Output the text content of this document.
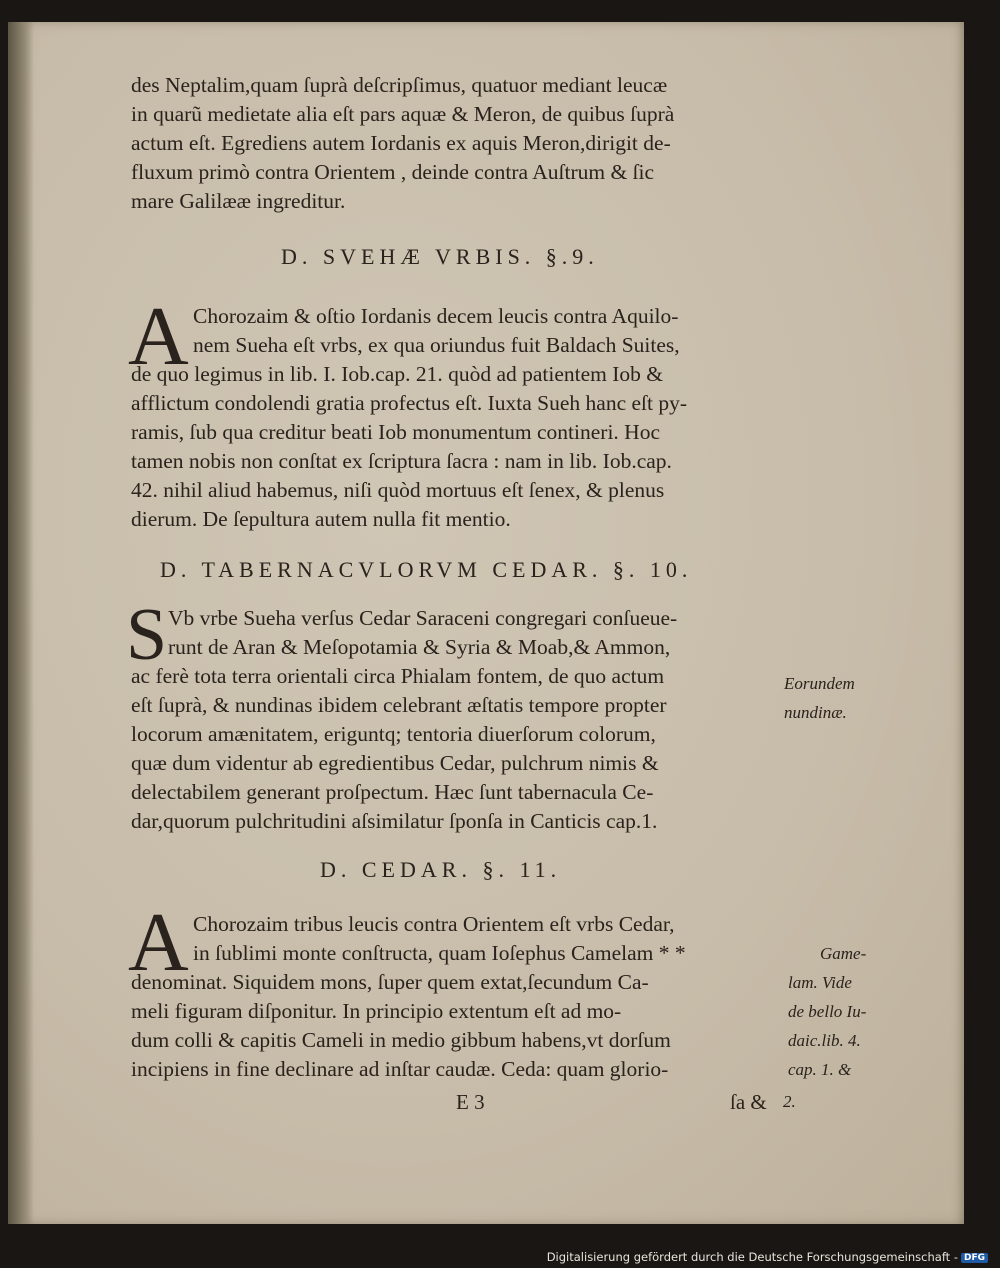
des Neptalim,quam ſuprà deſcripſimus, quatuor mediant leucæ
in quarũ medietate alia eſt pars aquæ & Meron, de quibus ſuprà
actum eſt. Egrediens autem Iordanis ex aquis Meron,dirigit de-
fluxum primò contra Orientem , deinde contra Auſtrum & ſic
mare Galilææ ingreditur.
D. SVEHÆ VRBIS. §.9.
A Chorozaim & oſtio Iordanis decem leucis contra Aquilo-
nem Sueha eſt vrbs, ex qua oriundus fuit Baldach Suites,
de quo legimus in lib. I. Iob.cap. 21. quòd ad patientem Iob &
afflictum condolendi gratia profectus eſt. Iuxta Sueh hanc eſt py-
ramis, ſub qua creditur beati Iob monumentum contineri. Hoc
tamen nobis non conſtat ex ſcriptura ſacra : nam in lib. Iob.cap.
42. nihil aliud habemus, niſi quòd mortuus eſt ſenex, & plenus
dierum. De ſepultura autem nulla fit mentio.
D. TABERNACVLORVM CEDAR. §. 10.
S Vb vrbe Sueha verſus Cedar Saraceni congregari conſueue-
runt de Aran & Meſopotamia & Syria & Moab,& Ammon,
ac ferè tota terra orientali circa Phialam fontem, de quo actum
eſt ſuprà, & nundinas ibidem celebrant æſtatis tempore propter
locorum amænitatem, eriguntq; tentoria diuerſorum colorum,
quæ dum videntur ab egredientibus Cedar, pulchrum nimis &
delectabilem generant proſpectum. Hæc ſunt tabernacula Ce-
dar,quorum pulchritudini aſsimilatur ſponſa in Canticis cap.1.
Eorundem
nundinæ.
D. CEDAR. §. 11.
A Chorozaim tribus leucis contra Orientem eſt vrbs Cedar,
in ſublimi monte conſtructa, quam Ioſephus Camelam * *
denominat. Siquidem mons, ſuper quem extat,ſecundum Ca-
meli figuram diſponitur. In principio extentum eſt ad mo-
dum colli & capitis Cameli in medio gibbum habens,vt dorſum
incipiens in fine declinare ad inſtar caudæ. Ceda: quam glorio-
Game-
lam. Vide
de bello Iu-
daic.lib. 4.
cap. 1. &
E 3	ſa & 2.
Digitalisierung gefördert durch die Deutsche Forschungsgemeinschaft - DFG
